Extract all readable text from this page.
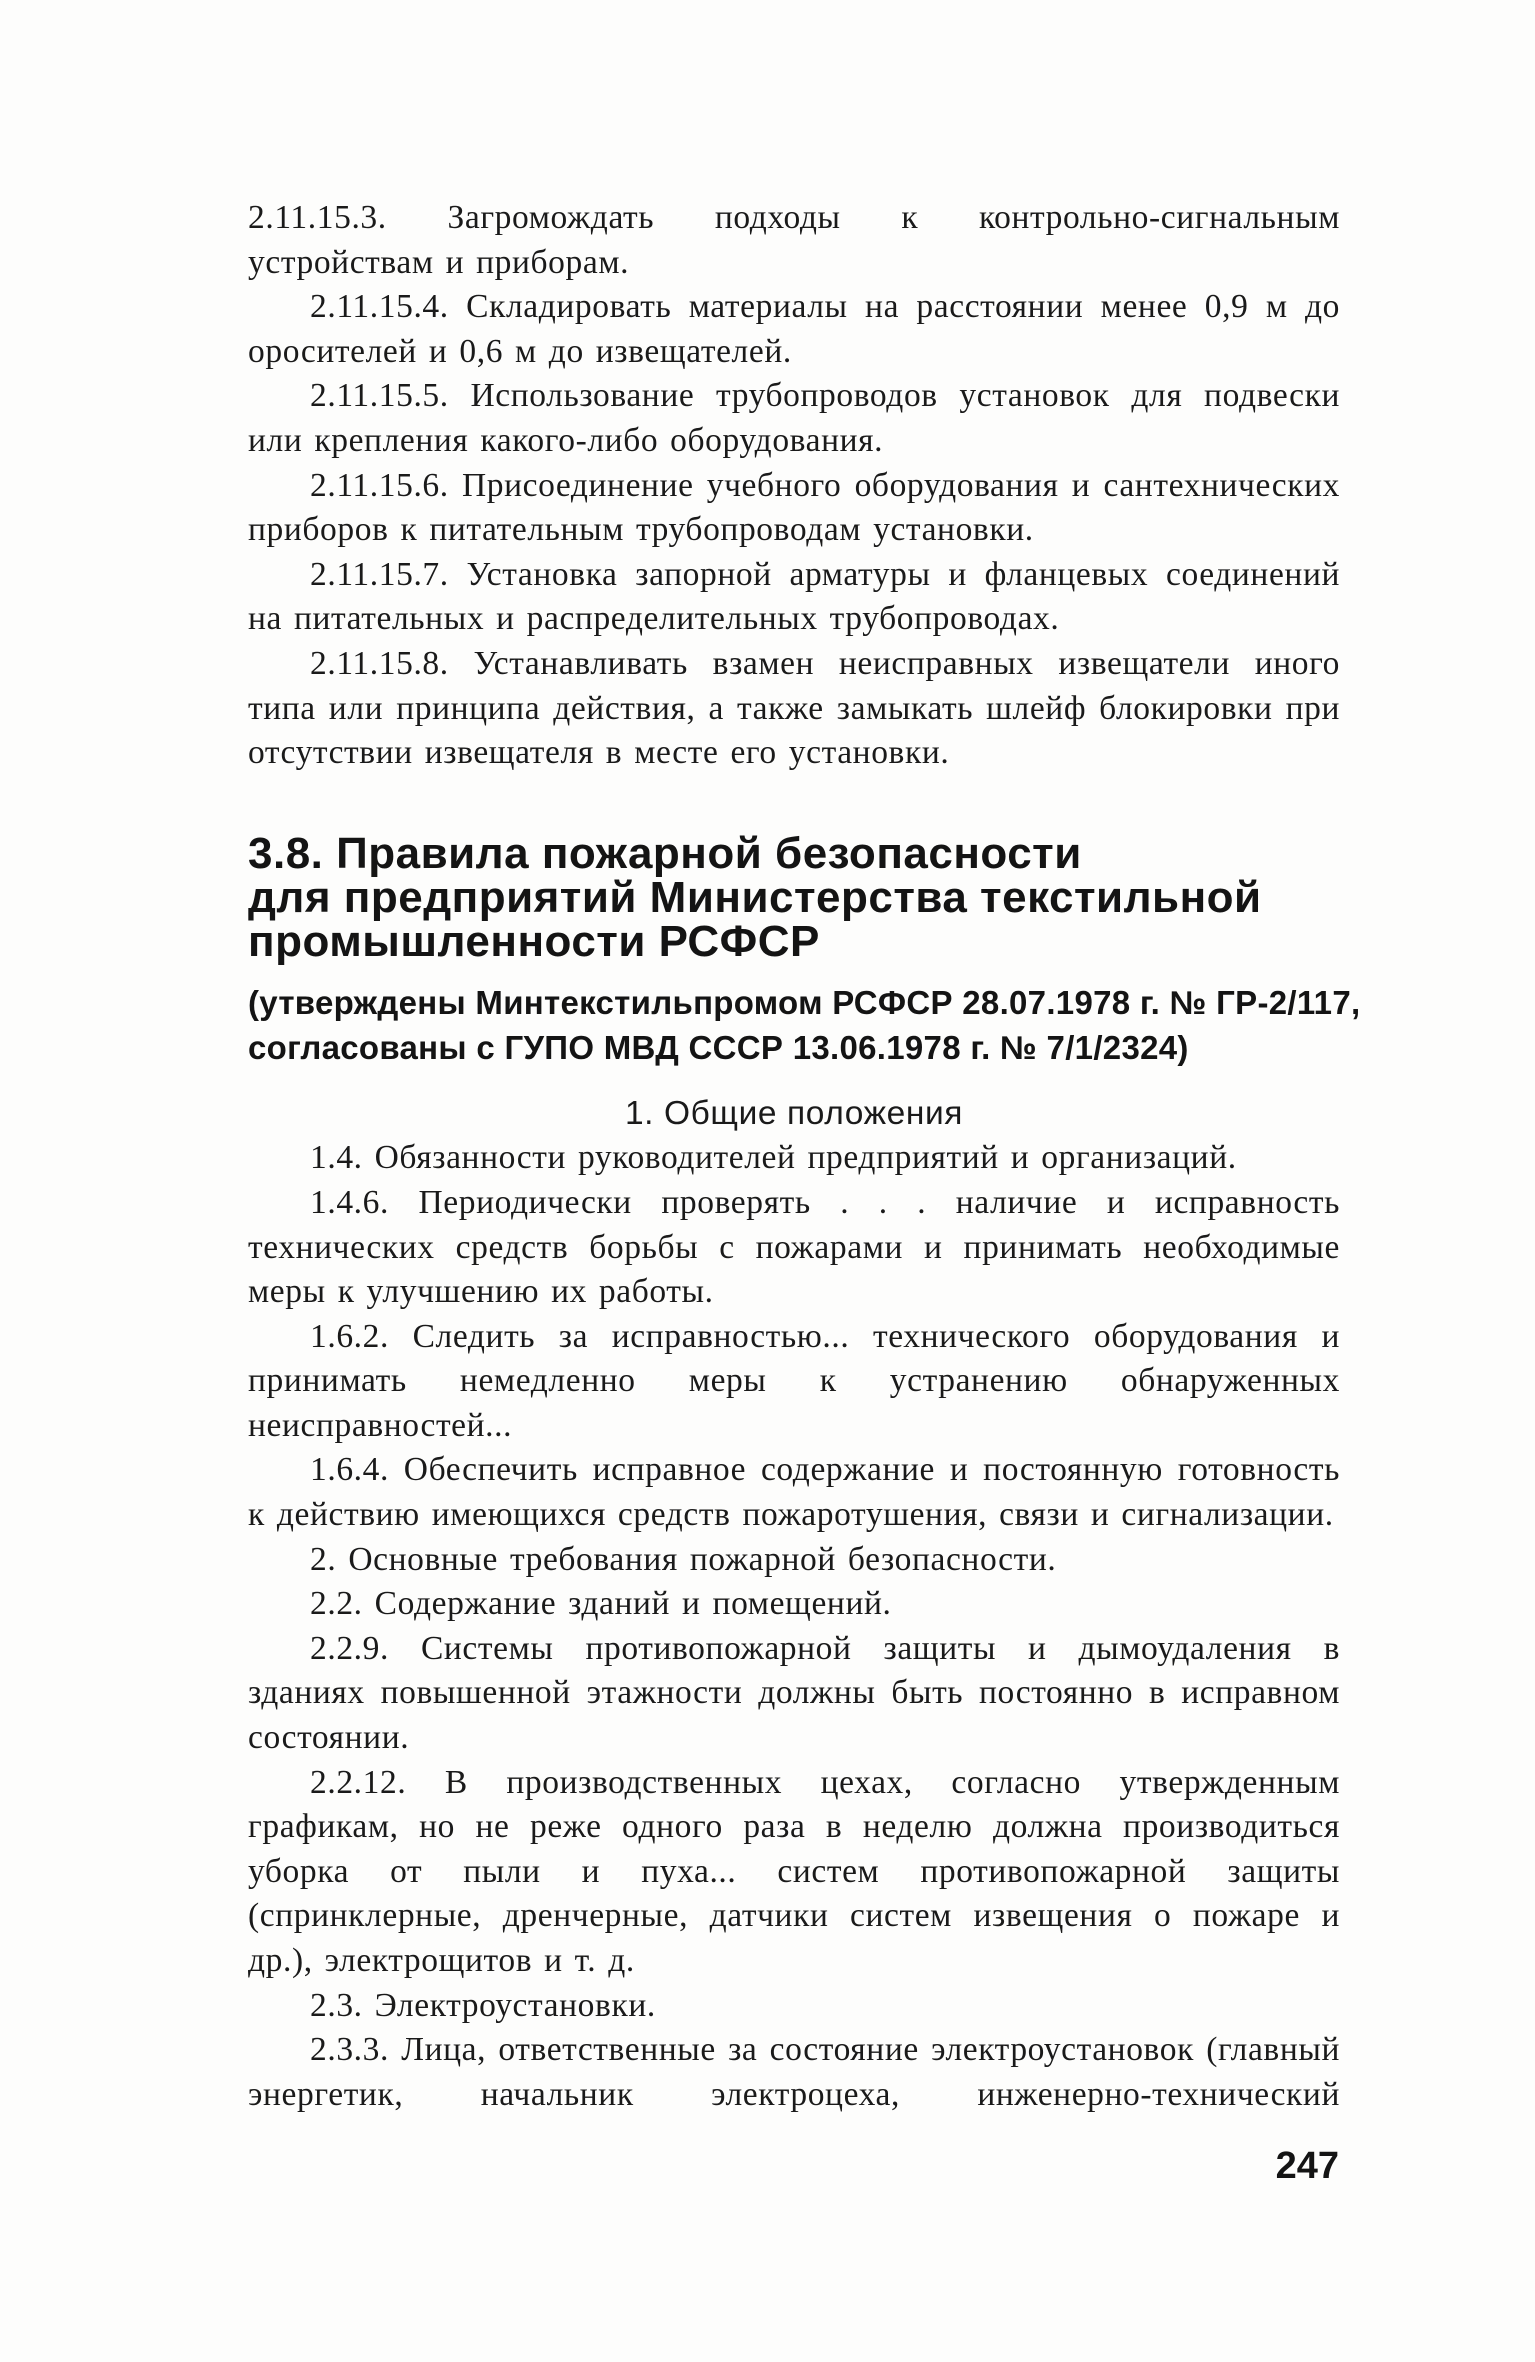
2.11.15.3. Загромождать подходы к контрольно-сигнальным устройствам и приборам.

2.11.15.4. Складировать материалы на расстоянии менее 0,9 м до оросителей и 0,6 м до извещателей.

2.11.15.5. Использование трубопроводов установок для подвески или крепления какого-либо оборудования.

2.11.15.6. Присоединение учебного оборудования и сантехнических приборов к питательным трубопроводам установки.

2.11.15.7. Установка запорной арматуры и фланцевых соединений на питательных и распределительных трубопроводах.

2.11.15.8. Устанавливать взамен неисправных извещатели иного типа или принципа действия, а также замыкать шлейф блокировки при отсутствии извещателя в месте его установки.

3.8. Правила пожарной безопасности
для предприятий Министерства текстильной
промышленности РСФСР

(утверждены Минтекстильпромом РСФСР 28.07.1978 г. № ГР-2/117,
согласованы с ГУПО МВД СССР 13.06.1978 г. № 7/1/2324)

1. Общие положения

1.4. Обязанности руководителей предприятий и организаций.

1.4.6. Периодически проверять . . . наличие и исправность технических средств борьбы с пожарами и принимать необходимые меры к улучшению их работы.

1.6.2. Следить за исправностью... технического оборудования и принимать немедленно меры к устранению обнаруженных неисправностей...

1.6.4. Обеспечить исправное содержание и постоянную готовность к действию имеющихся средств пожаротушения, связи и сигнализации.

2. Основные требования пожарной безопасности.

2.2. Содержание зданий и помещений.

2.2.9. Системы противопожарной защиты и дымоудаления в зданиях повышенной этажности должны быть постоянно в исправном состоянии.

2.2.12. В производственных цехах, согласно утвержденным графикам, но не реже одного раза в неделю должна производиться уборка от пыли и пуха... систем противопожарной защиты (спринклерные, дренчерные, датчики систем извещения о пожаре и др.), электрощитов и т. д.

2.3. Электроустановки.

2.3.3. Лица, ответственные за состояние электроустановок (главный энергетик, начальник электроцеха, инженерно-технический

247
